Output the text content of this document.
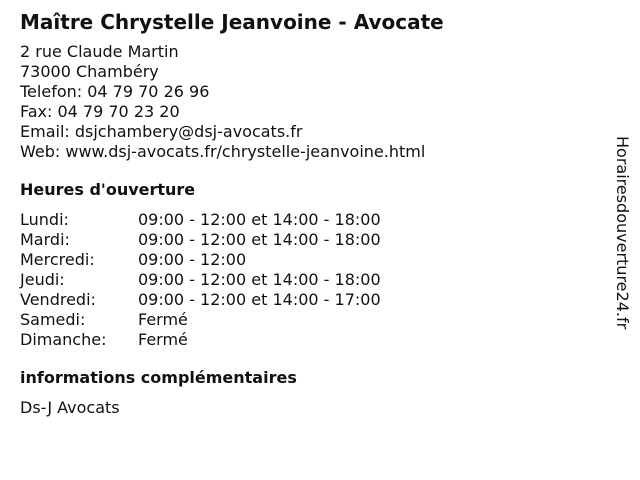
Maître Chrystelle Jeanvoine - Avocate
2 rue Claude Martin
73000 Chambéry
Telefon: 04 79 70 26 96
Fax: 04 79 70 23 20
Email: dsjchambery@dsj-avocats.fr
Web: www.dsj-avocats.fr/chrystelle-jeanvoine.html
Heures d'ouverture
Lundi:	09:00 - 12:00 et 14:00 - 18:00
Mardi:	09:00 - 12:00 et 14:00 - 18:00
Mercredi:	09:00 - 12:00
Jeudi:	09:00 - 12:00 et 14:00 - 18:00
Vendredi:	09:00 - 12:00 et 14:00 - 17:00
Samedi:	Fermé
Dimanche:	Fermé
informations complémentaires
Ds-J Avocats
Horairesdouverture24.fr
